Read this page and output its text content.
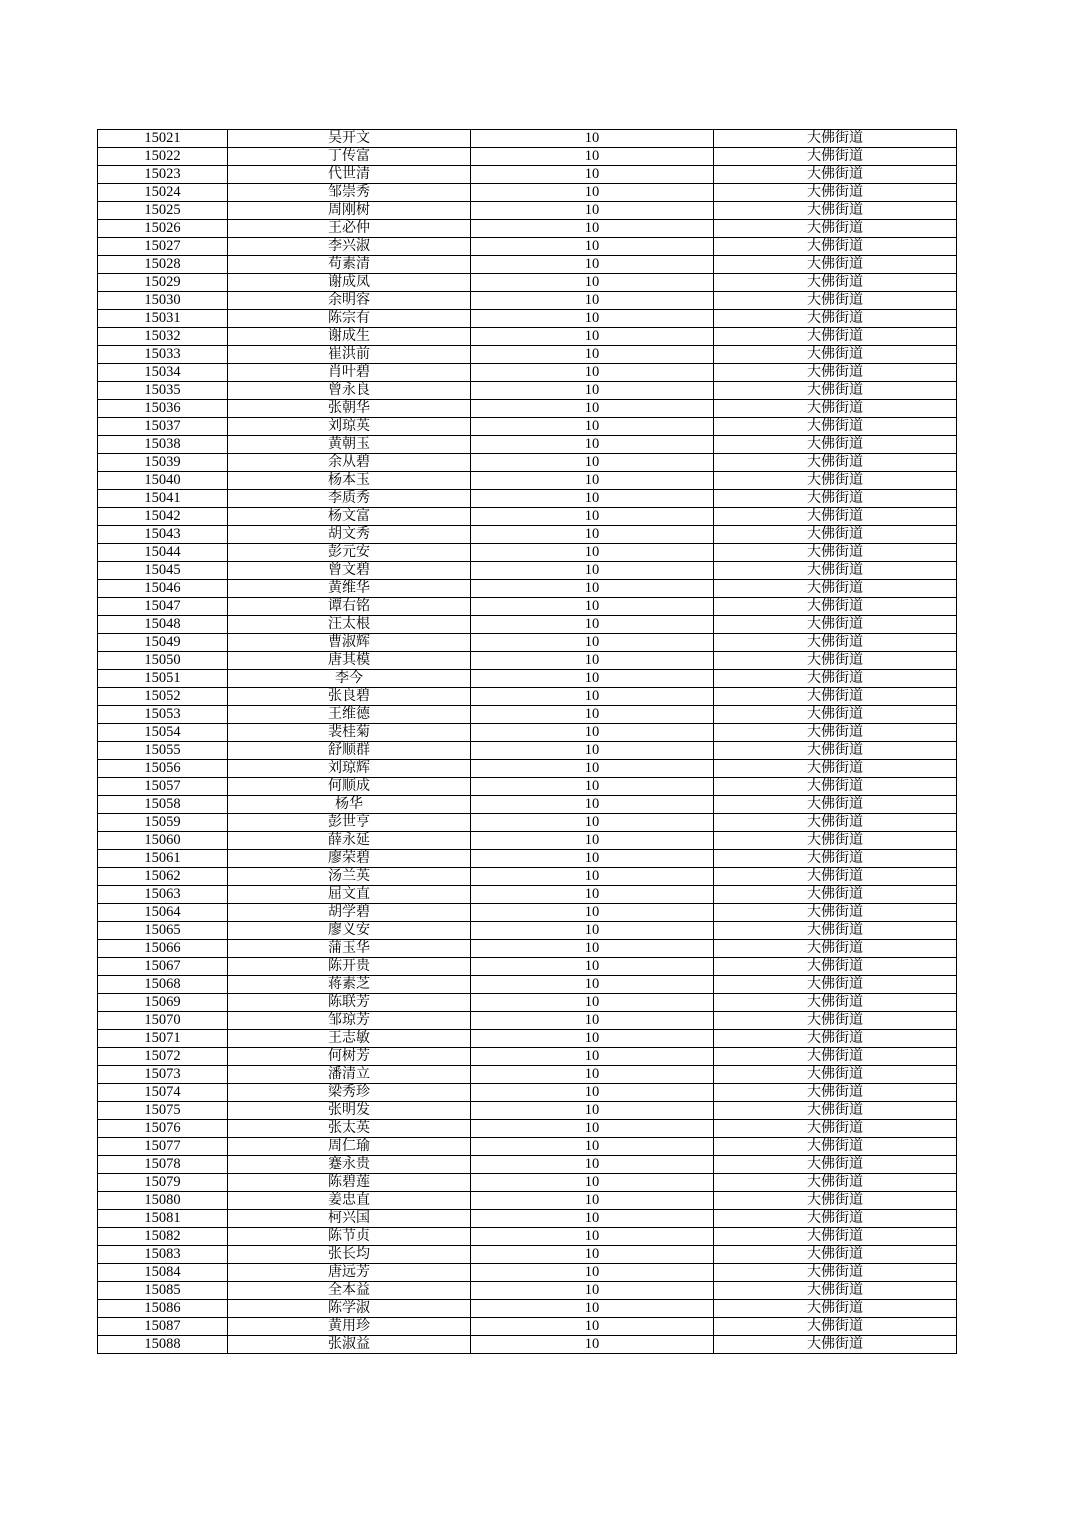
15021	吴开文	10	大佛街道
15022	丁传富	10	大佛街道
15023	代世清	10	大佛街道
15024	邹崇秀	10	大佛街道
15025	周刚树	10	大佛街道
15026	王必仲	10	大佛街道
15027	李兴淑	10	大佛街道
15028	苟素清	10	大佛街道
15029	谢成凤	10	大佛街道
15030	余明容	10	大佛街道
15031	陈宗有	10	大佛街道
15032	谢成生	10	大佛街道
15033	崔洪前	10	大佛街道
15034	肖叶碧	10	大佛街道
15035	曾永良	10	大佛街道
15036	张朝华	10	大佛街道
15037	刘琼英	10	大佛街道
15038	黄朝玉	10	大佛街道
15039	余从碧	10	大佛街道
15040	杨本玉	10	大佛街道
15041	李质秀	10	大佛街道
15042	杨文富	10	大佛街道
15043	胡文秀	10	大佛街道
15044	彭元安	10	大佛街道
15045	曾文碧	10	大佛街道
15046	黄维华	10	大佛街道
15047	谭右铭	10	大佛街道
15048	汪太根	10	大佛街道
15049	曹淑辉	10	大佛街道
15050	唐其模	10	大佛街道
15051	李今	10	大佛街道
15052	张良碧	10	大佛街道
15053	王维德	10	大佛街道
15054	裴桂菊	10	大佛街道
15055	舒顺群	10	大佛街道
15056	刘琼辉	10	大佛街道
15057	何顺成	10	大佛街道
15058	杨华	10	大佛街道
15059	彭世亨	10	大佛街道
15060	薛永延	10	大佛街道
15061	廖荣碧	10	大佛街道
15062	汤兰英	10	大佛街道
15063	屈文直	10	大佛街道
15064	胡学碧	10	大佛街道
15065	廖义安	10	大佛街道
15066	蒲玉华	10	大佛街道
15067	陈开贵	10	大佛街道
15068	蒋素芝	10	大佛街道
15069	陈联芳	10	大佛街道
15070	邹琼芳	10	大佛街道
15071	王志敏	10	大佛街道
15072	何树芳	10	大佛街道
15073	潘清立	10	大佛街道
15074	梁秀珍	10	大佛街道
15075	张明发	10	大佛街道
15076	张太英	10	大佛街道
15077	周仁瑜	10	大佛街道
15078	蹇永贵	10	大佛街道
15079	陈碧莲	10	大佛街道
15080	姜忠直	10	大佛街道
15081	柯兴国	10	大佛街道
15082	陈节贞	10	大佛街道
15083	张长均	10	大佛街道
15084	唐远芳	10	大佛街道
15085	全本益	10	大佛街道
15086	陈学淑	10	大佛街道
15087	黄用珍	10	大佛街道
15088	张淑益	10	大佛街道
